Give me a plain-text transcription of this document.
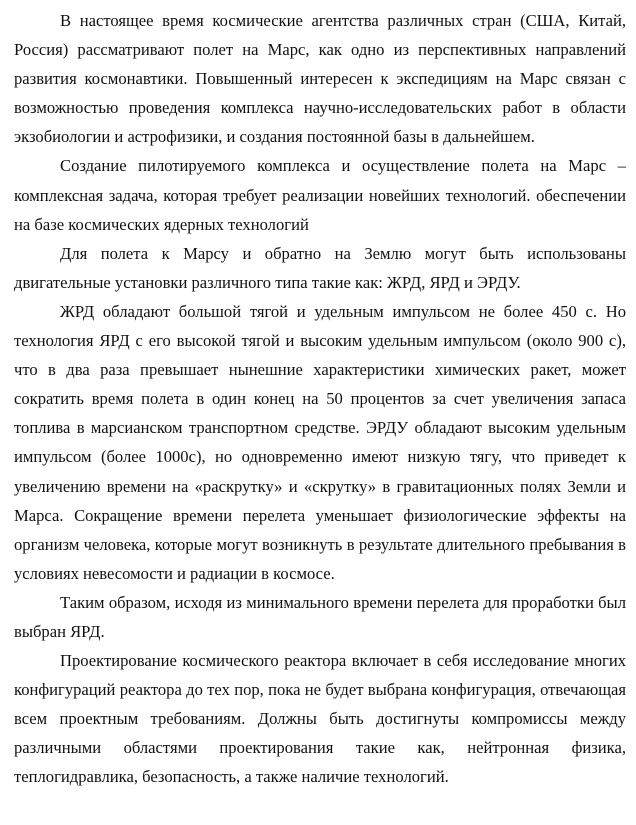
В настоящее время космические агентства различных стран (США, Китай, Россия) рассматривают полет на Марс, как одно из перспективных направлений развития космонавтики. Повышенный интересен к экспедициям на Марс связан с возможностью проведения комплекса научно-исследовательских работ в области экзобиологии и астрофизики, и создания постоянной базы в дальнейшем.

Создание пилотируемого комплекса и осуществление полета на Марс – комплексная задача, которая требует реализации новейших технологий. обеспечении на базе космических ядерных технологий

Для полета к Марсу и обратно на Землю могут быть использованы двигательные установки различного типа такие как: ЖРД, ЯРД и ЭРДУ.

ЖРД обладают большой тягой и удельным импульсом не более 450 с. Но технология ЯРД с его высокой тягой и высоким удельным импульсом (около 900 с), что в два раза превышает нынешние характеристики химических ракет, может сократить время полета в один конец на 50 процентов за счет увеличения запаса топлива в марсианском транспортном средстве. ЭРДУ обладают высоким удельным импульсом (более 1000с), но одновременно имеют низкую тягу, что приведет к увеличению времени на «раскрутку» и «скрутку» в гравитационных полях Земли и Марса. Сокращение времени перелета уменьшает физиологические эффекты на организм человека, которые могут возникнуть в результате длительного пребывания в условиях невесомости и радиации в космосе.

Таким образом, исходя из минимального времени перелета для проработки был выбран ЯРД.

Проектирование космического реактора включает в себя исследование многих конфигураций реактора до тех пор, пока не будет выбрана конфигурация, отвечающая всем проектным требованиям. Должны быть достигнуты компромиссы между различными областями проектирования такие как, нейтронная физика, теплогидравлика, безопасность, а также наличие технологий.
